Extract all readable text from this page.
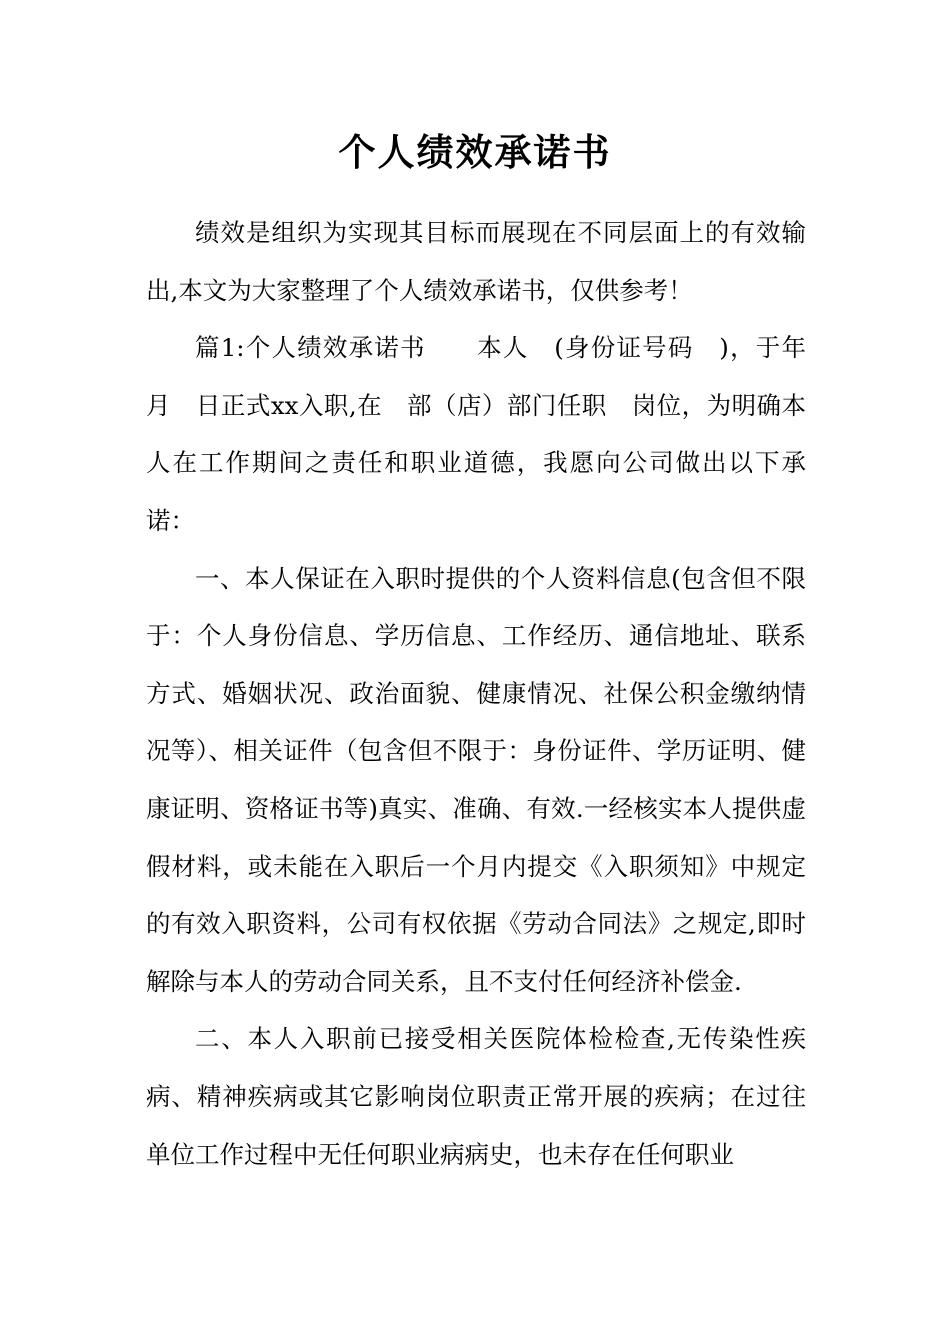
个人绩效承诺书

绩效是组织为实现其目标而展现在不同层面上的有效输出,本文为大家整理了个人绩效承诺书，仅供参考！

篇1:个人绩效承诺书　　本人　(身份证号码　)，于年　月　日正式xx入职,在　部（店）部门任职　岗位，为明确本人在工作期间之责任和职业道德，我愿向公司做出以下承诺：

一、本人保证在入职时提供的个人资料信息(包含但不限于：个人身份信息、学历信息、工作经历、通信地址、联系方式、婚姻状况、政治面貌、健康情况、社保公积金缴纳情况等）、相关证件（包含但不限于：身份证件、学历证明、健康证明、资格证书等)真实、准确、有效.一经核实本人提供虚假材料，或未能在入职后一个月内提交《入职须知》中规定的有效入职资料，公司有权依据《劳动合同法》之规定,即时解除与本人的劳动合同关系，且不支付任何经济补偿金.

二、本人入职前已接受相关医院体检检查,无传染性疾病、精神疾病或其它影响岗位职责正常开展的疾病；在过往单位工作过程中无任何职业病病史，也未存在任何职业
